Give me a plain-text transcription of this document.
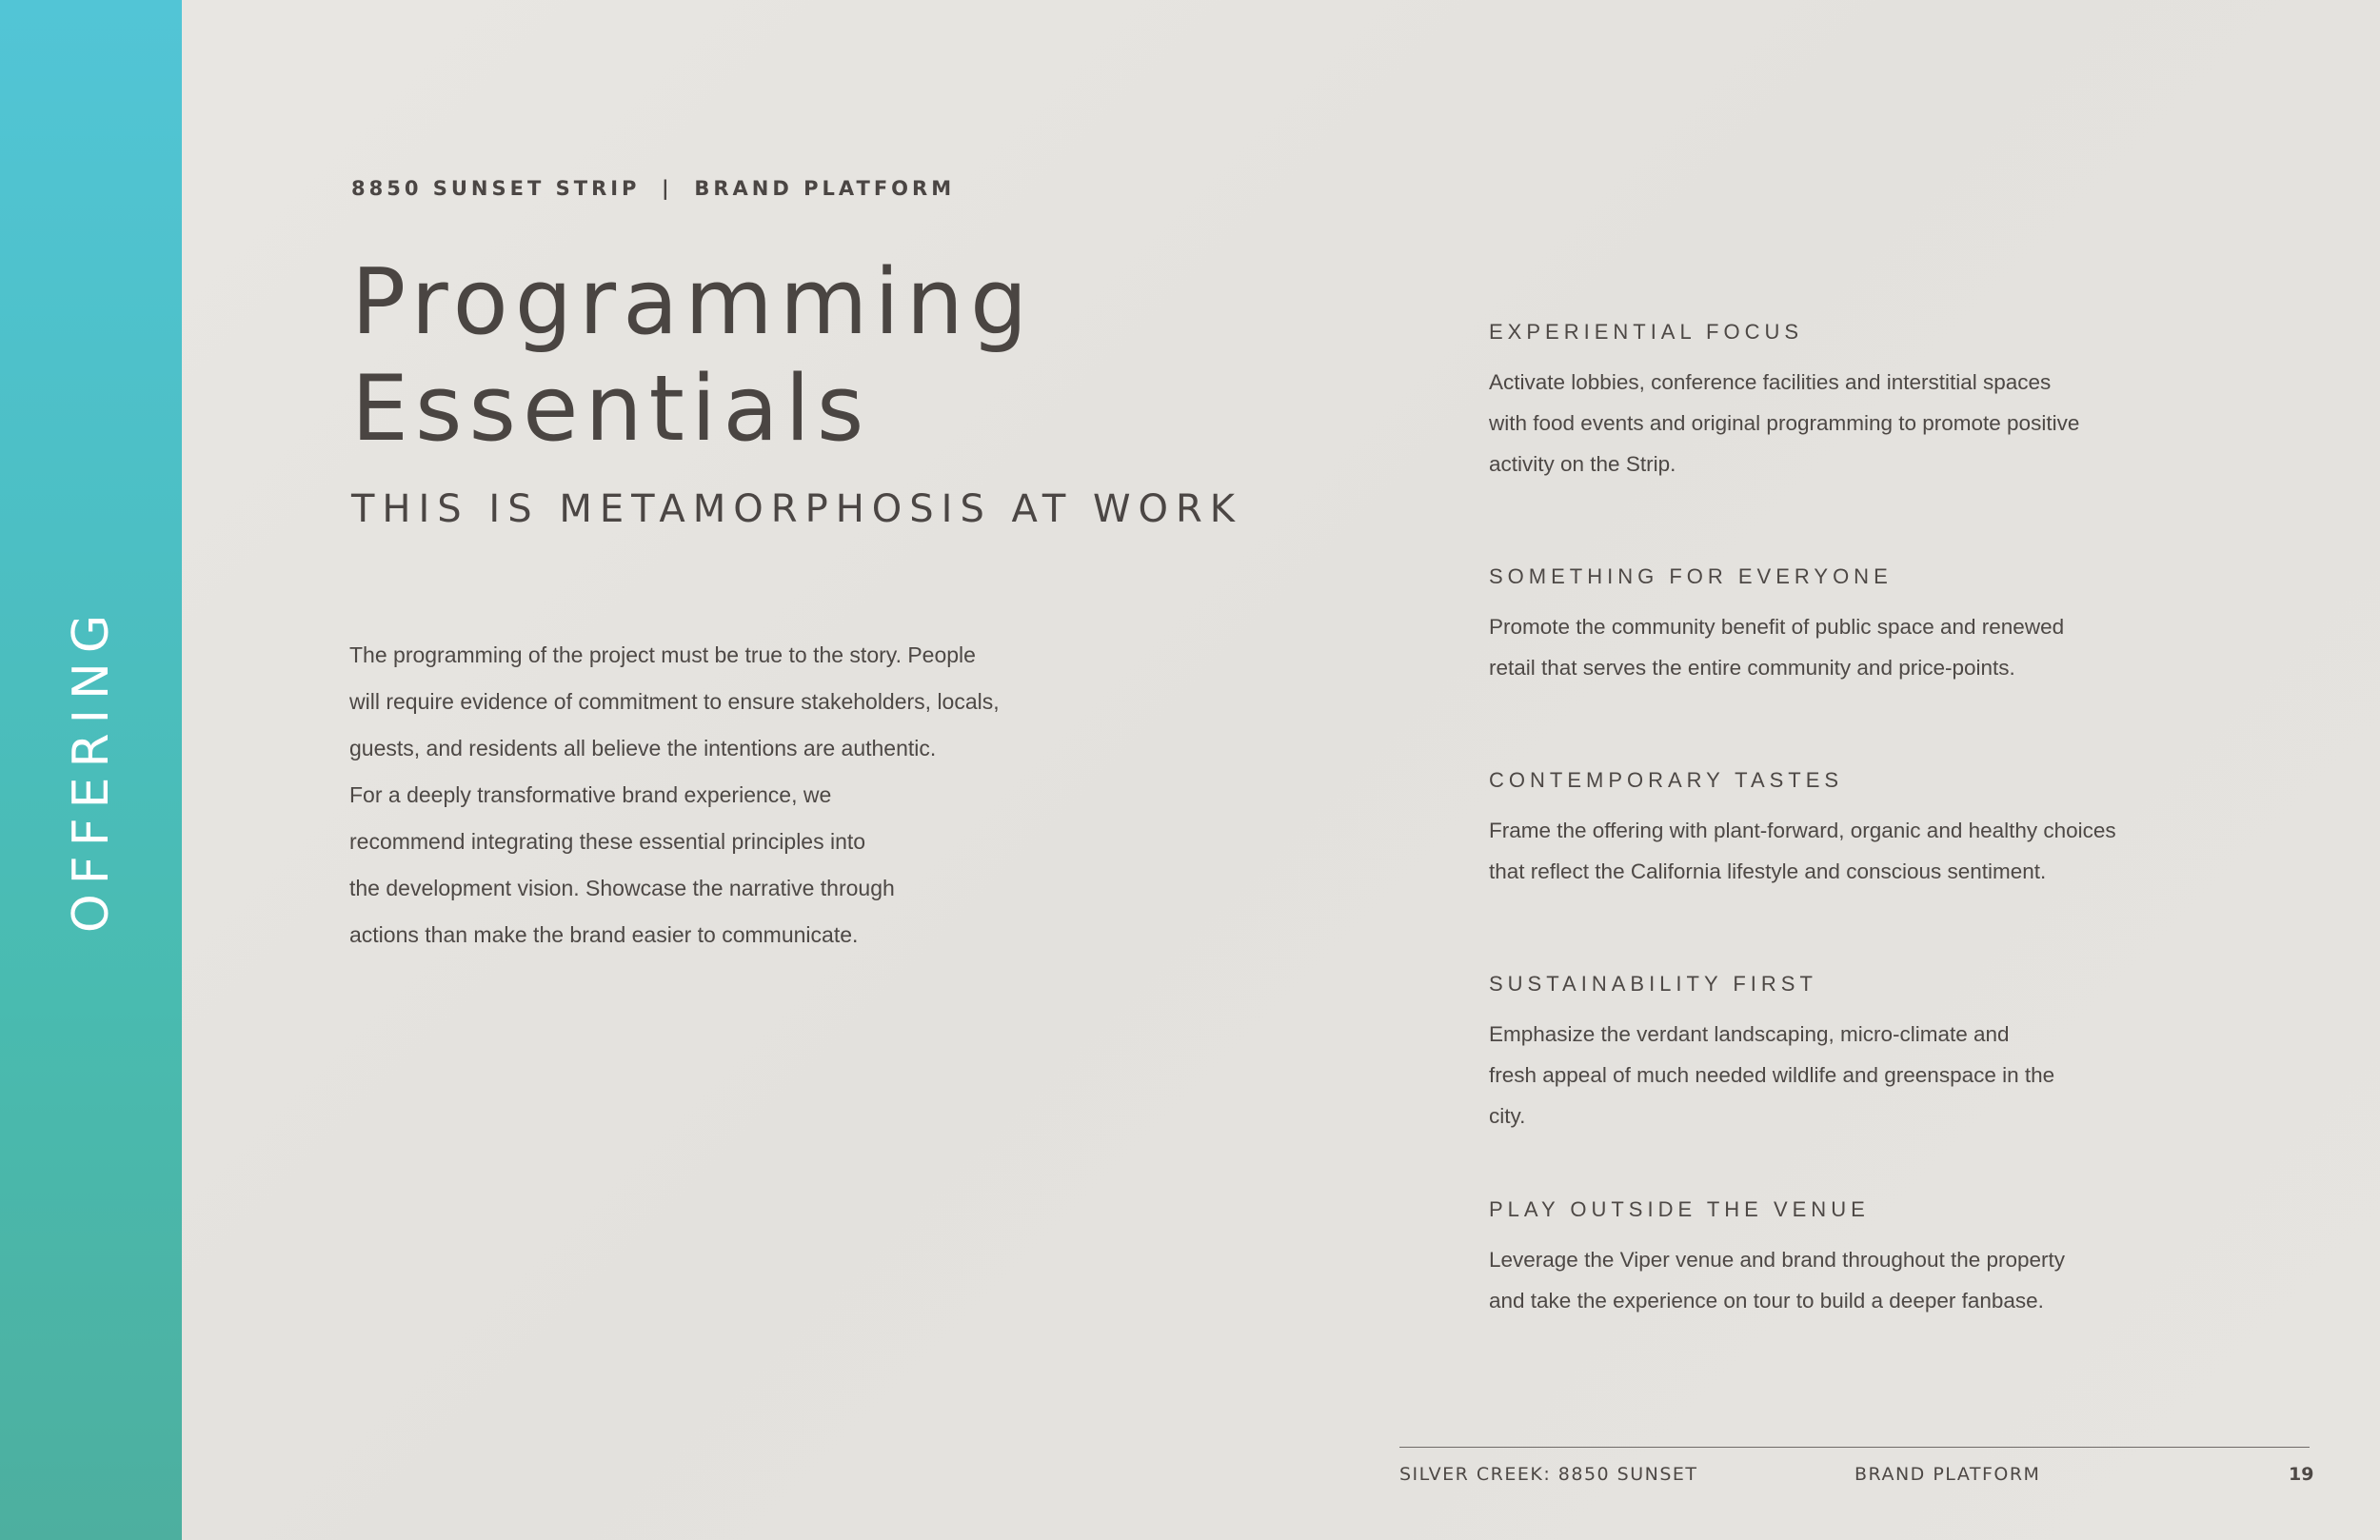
OFFERING
8850 SUNSET STRIP  |  BRAND PLATFORM
Programming
Essentials
THIS IS METAMORPHOSIS AT WORK
The programming of the project must be true to the story. People
will require evidence of commitment to ensure stakeholders, locals,
guests, and residents all believe the intentions are authentic.
For a deeply transformative brand experience, we
recommend integrating these essential principles into
the development vision. Showcase the narrative through
actions than make the brand easier to communicate.
EXPERIENTIAL FOCUS
Activate lobbies, conference facilities and interstitial spaces
with food events and original programming to promote positive
activity on the Strip.
SOMETHING FOR EVERYONE
Promote the community benefit of public space and renewed
retail that serves the entire community and price-points.
CONTEMPORARY TASTES
Frame the offering with plant-forward, organic and healthy choices
that reflect the California lifestyle and conscious sentiment.
SUSTAINABILITY FIRST
Emphasize the verdant landscaping, micro-climate and
fresh appeal of much needed wildlife and greenspace in the
city.
PLAY OUTSIDE THE VENUE
Leverage the Viper venue and brand throughout the property
and take the experience on tour to build a deeper fanbase.
SILVER CREEK: 8850 SUNSET	BRAND PLATFORM	19
